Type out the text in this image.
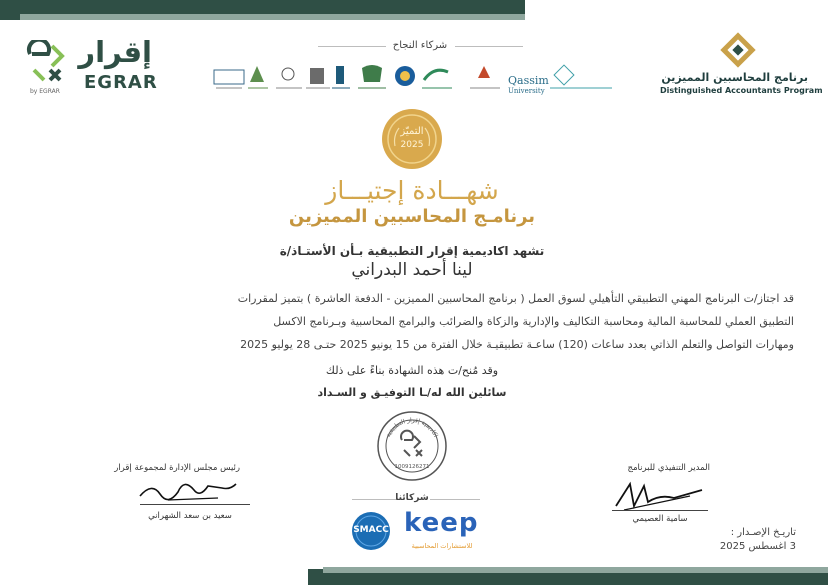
شركاء النجاح
Qassim
University
إقرار
EGRAR
by EGRAR
برنامج المحاسبين المميزين
Distinguished Accountants Program
التميّز
2025
شهـــادة إجتيـــاز
برنامـج المحاسبين المميزين
تشهد اكاديمية إقرار التطبيقية بـأن الأستـاذ/ة
لينا أحمد البدراني
قد اجتاز/ت البرنامج المهني التطبيقي التأهيلي لسوق العمل ( برنامج المحاسبين المميزين - الدفعة العاشرة ) بتميز لمقررات
التطبيق العملي للمحاسبة المالية ومحاسبة التكاليف والإدارية والزكاة والضرائب والبرامج المحاسبية وبـرنامج الاكسل
ومهارات التواصل والتعلم الذاتي بعدد ساعات (120) ساعـة تطبيقيـة خلال الفترة من 15 يونيو 2025 حتـى 28 يوليو 2025
وقد مُنح/ت هذه الشهادة بناءً على ذلك
سائلين الله له/ـا التوفيـق و السـداد
رئيس مجلس الإدارة لمجموعة إقرار
سعيد بن سعد الشهراني
المدير التنفيذي للبرنامج
سامية العصيمي
اكاديمية إقرار التطبيقية
1009126271
شركائنا
SMACC keep
للاستشارات المحاسبية
تاريـخ الإصـدار :
3 اغسطس 2025
